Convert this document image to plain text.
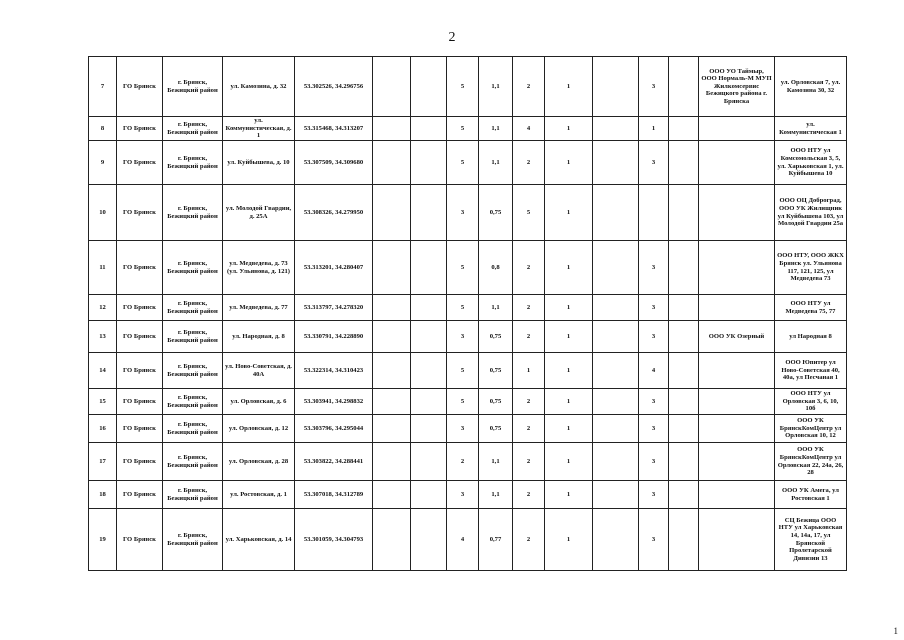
2
7	ГО Брянск	г. Брянск, Бежицкий район	ул. Камозина, д. 32	53.302526, 34.296756			5	1,1	2	1		3		ООО УО Таймыр, ООО Нормаль-М МУП Жилкомсервис Бежицкого района г. Брянска	ул. Орловская 7, ул. Камозина 30, 32
8	ГО Брянск	г. Брянск, Бежицкий район	ул. Коммунистическая, д. 1	53.315468, 34.313207			5	1,1	4	1		1			ул. Коммунистическая 1
9	ГО Брянск	г. Брянск, Бежицкий район	ул. Куйбышева, д. 10	53.307509, 34.309680			5	1,1	2	1		3			ООО НТУ ул Комсомольская 3, 5, ул. Харьковская 1, ул. Куйбышева 10
10	ГО Брянск	г. Брянск, Бежицкий район	ул. Молодой Гвардии, д. 25А	53.308326, 34.279950			3	0,75	5	1					ООО ОЦ Доброград, ООО УК Жилищник ул Куйбышева 103, ул Молодой Гвардии 25а
11	ГО Брянск	г. Брянск, Бежицкий район	ул. Медведева, д. 73 (ул. Ульянова, д. 121)	53.313201, 34.280407			5	0,8	2	1		3			ООО НТУ, ООО ЖКХ Брянск ул. Ульянова 117, 121, 125, ул Медведева 73
12	ГО Брянск	г. Брянск, Бежицкий район	ул. Медведева, д. 77	53.313797, 34.278320			5	1,1	2	1		3			ООО НТУ ул Медведева 75, 77
13	ГО Брянск	г. Брянск, Бежицкий район	ул. Народная, д. 8	53.330791, 34.228890			3	0,75	2	1		3		ООО УК Озерный	ул Народная 8
14	ГО Брянск	г. Брянск, Бежицкий район	ул. Ново-Советская, д. 40А	53.322314, 34.310423			5	0,75	1	1		4			ООО Юпитер ул Ново-Советская 40, 40а, ул Песчаная 1
15	ГО Брянск	г. Брянск, Бежицкий район	ул. Орловская, д. 6	53.303941, 34.298832			5	0,75	2	1		3			ООО НТУ ул Орловская 3, 6, 10, 10б
16	ГО Брянск	г. Брянск, Бежицкий район	ул. Орловская, д. 12	53.303796, 34.295044			3	0,75	2	1		3			ООО УК БрянскКомЦентр ул Орловская 10, 12
17	ГО Брянск	г. Брянск, Бежицкий район	ул. Орловская, д. 28	53.303822, 34.288441			2	1,1	2	1		3			ООО УК БрянскКомЦентр ул Орловская 22, 24а, 26, 28
18	ГО Брянск	г. Брянск, Бежицкий район	ул. Ростовская, д. 1	53.307018, 34.312789			3	1,1	2	1		3			ООО УК Амега, ул Ростовская 1
19	ГО Брянск	г. Брянск, Бежицкий район	ул. Харьковская, д. 14	53.301059, 34.304793			4	0,77	2	1		3			СЦ Бежица ООО НТУ ул Харьковская 14, 14а, 17, ул Брянской Пролетарской Дивизии 13
1
